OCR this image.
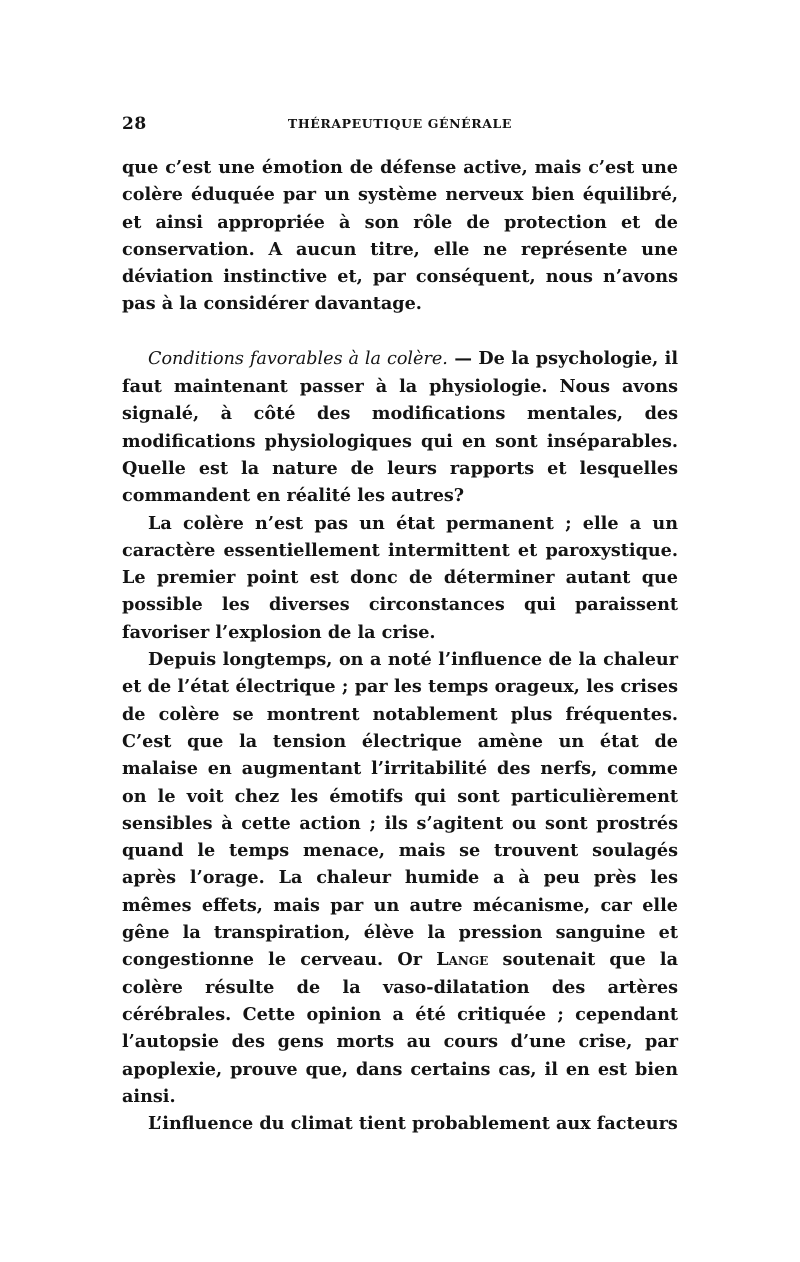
28	THÉRAPEUTIQUE GÉNÉRALE

que c’est une émotion de défense active, mais c’est une colère éduquée par un système nerveux bien équilibré, et ainsi appropriée à son rôle de protection et de conservation. A aucun titre, elle ne représente une déviation instinctive et, par conséquent, nous n’avons pas à la considérer davantage.

Conditions favorables à la colère. — De la psychologie, il faut maintenant passer à la physiologie. Nous avons signalé, à côté des modifications mentales, des modifications physiologiques qui en sont inséparables. Quelle est la nature de leurs rapports et lesquelles commandent en réalité les autres?

La colère n’est pas un état permanent ; elle a un caractère essentiellement intermittent et paroxystique. Le premier point est donc de déterminer autant que possible les diverses circonstances qui paraissent favoriser l’explosion de la crise.

Depuis longtemps, on a noté l’influence de la chaleur et de l’état électrique ; par les temps orageux, les crises de colère se montrent notablement plus fréquentes. C’est que la tension électrique amène un état de malaise en augmentant l’irritabilité des nerfs, comme on le voit chez les émotifs qui sont particulièrement sensibles à cette action ; ils s’agitent ou sont prostrés quand le temps menace, mais se trouvent soulagés après l’orage. La chaleur humide a à peu près les mêmes effets, mais par un autre mécanisme, car elle gêne la transpiration, élève la pression sanguine et congestionne le cerveau. Or Lange soutenait que la colère résulte de la vaso-dilatation des artères cérébrales. Cette opinion a été critiquée ; cependant l’autopsie des gens morts au cours d’une crise, par apoplexie, prouve que, dans certains cas, il en est bien ainsi.

L’influence du climat tient probablement aux facteurs
